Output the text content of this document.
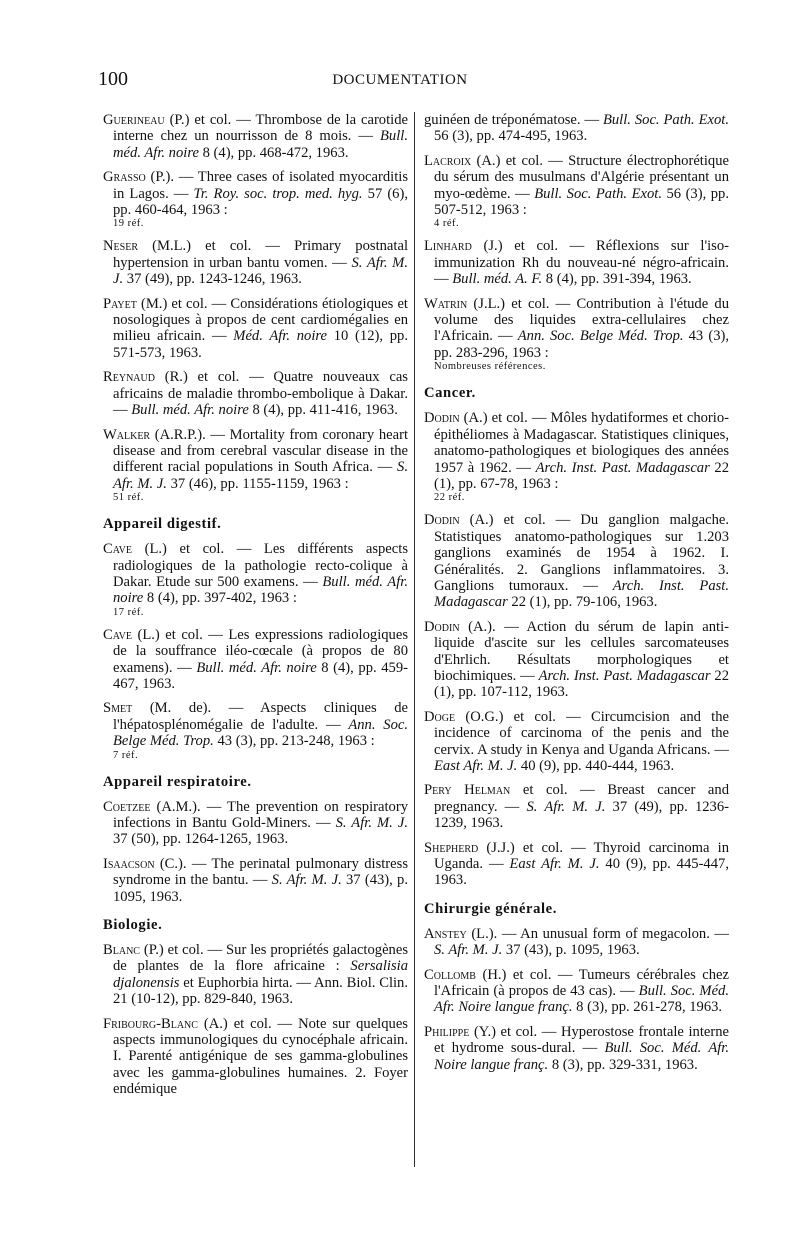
100	DOCUMENTATION
Guerineau (P.) et col. — Thrombose de la carotide interne chez un nourrisson de 8 mois. — Bull. méd. Afr. noire 8 (4), pp. 468-472, 1963.
Grasso (P.). — Three cases of isolated myocarditis in Lagos. — Tr. Roy. soc. trop. med. hyg. 57 (6), pp. 460-464, 1963 :
19 réf.
Neser (M.L.) et col. — Primary postnatal hypertension in urban bantu vomen. — S. Afr. M. J. 37 (49), pp. 1243-1246, 1963.
Payet (M.) et col. — Considérations étiologiques et nosologiques à propos de cent cardiomégalies en milieu africain. — Méd. Afr. noire 10 (12), pp. 571-573, 1963.
Reynaud (R.) et col. — Quatre nouveaux cas africains de maladie thrombo-embolique à Dakar. — Bull. méd. Afr. noire 8 (4), pp. 411-416, 1963.
Walker (A.R.P.). — Mortality from coronary heart disease and from cerebral vascular disease in the different racial populations in South Africa. — S. Afr. M. J. 37 (46), pp. 1155-1159, 1963 :
51 réf.
Appareil digestif.
Cave (L.) et col. — Les différents aspects radiologiques de la pathologie recto-colique à Dakar. Etude sur 500 examens. — Bull. méd. Afr. noire 8 (4), pp. 397-402, 1963 :
17 réf.
Cave (L.) et col. — Les expressions radiologiques de la souffrance iléo-cœcale (à propos de 80 examens). — Bull. méd. Afr. noire 8 (4), pp. 459-467, 1963.
Smet (M. de). — Aspects cliniques de l'hépatosplénomégalie de l'adulte. — Ann. Soc. Belge Méd. Trop. 43 (3), pp. 213-248, 1963 :
7 réf.
Appareil respiratoire.
Coetzee (A.M.). — The prevention on respiratory infections in Bantu Gold-Miners. — S. Afr. M. J. 37 (50), pp. 1264-1265, 1963.
Isaacson (C.). — The perinatal pulmonary distress syndrome in the bantu. — S. Afr. M. J. 37 (43), p. 1095, 1963.
Biologie.
Blanc (P.) et col. — Sur les propriétés galactogènes de plantes de la flore africaine : Sersalisia djalonensis et Euphorbia hirta. — Ann. Biol. Clin. 21 (10-12), pp. 829-840, 1963.
Fribourg-Blanc (A.) et col. — Note sur quelques aspects immunologiques du cynocéphale africain. I. Parenté antigénique de ses gamma-globulines avec les gamma-globulines humaines. 2. Foyer endémique
guinéen de tréponématose. — Bull. Soc. Path. Exot. 56 (3), pp. 474-495, 1963.
Lacroix (A.) et col. — Structure électrophorétique du sérum des musulmans d'Algérie présentant un myo-œdème. — Bull. Soc. Path. Exot. 56 (3), pp. 507-512, 1963 :
4 réf.
Linhard (J.) et col. — Réflexions sur l'iso-immunization Rh du nouveau-né négro-africain. — Bull. méd. A. F. 8 (4), pp. 391-394, 1963.
Watrin (J.L.) et col. — Contribution à l'étude du volume des liquides extra-cellulaires chez l'Africain. — Ann. Soc. Belge Méd. Trop. 43 (3), pp. 283-296, 1963 :
Nombreuses références.
Cancer.
Dodin (A.) et col. — Môles hydatiformes et chorio-épithéliomes à Madagascar. Statistiques cliniques, anatomo-pathologiques et biologiques des années 1957 à 1962. — Arch. Inst. Past. Madagascar 22 (1), pp. 67-78, 1963 :
22 réf.
Dodin (A.) et col. — Du ganglion malgache. Statistiques anatomo-pathologiques sur 1.203 ganglions examinés de 1954 à 1962. I. Généralités. 2. Ganglions inflammatoires. 3. Ganglions tumoraux. — Arch. Inst. Past. Madagascar 22 (1), pp. 79-106, 1963.
Dodin (A.). — Action du sérum de lapin anti-liquide d'ascite sur les cellules sarcomateuses d'Ehrlich. Résultats morphologiques et biochimiques. — Arch. Inst. Past. Madagascar 22 (1), pp. 107-112, 1963.
Doge (O.G.) et col. — Circumcision and the incidence of carcinoma of the penis and the cervix. A study in Kenya and Uganda Africans. — East Afr. M. J. 40 (9), pp. 440-444, 1963.
Pery Helman et col. — Breast cancer and pregnancy. — S. Afr. M. J. 37 (49), pp. 1236-1239, 1963.
Shepherd (J.J.) et col. — Thyroid carcinoma in Uganda. — East Afr. M. J. 40 (9), pp. 445-447, 1963.
Chirurgie générale.
Anstey (L.). — An unusual form of megacolon. — S. Afr. M. J. 37 (43), p. 1095, 1963.
Collomb (H.) et col. — Tumeurs cérébrales chez l'Africain (à propos de 43 cas). — Bull. Soc. Méd. Afr. Noire langue franç. 8 (3), pp. 261-278, 1963.
Philippe (Y.) et col. — Hyperostose frontale interne et hydrome sous-dural. — Bull. Soc. Méd. Afr. Noire langue franç. 8 (3), pp. 329-331, 1963.
